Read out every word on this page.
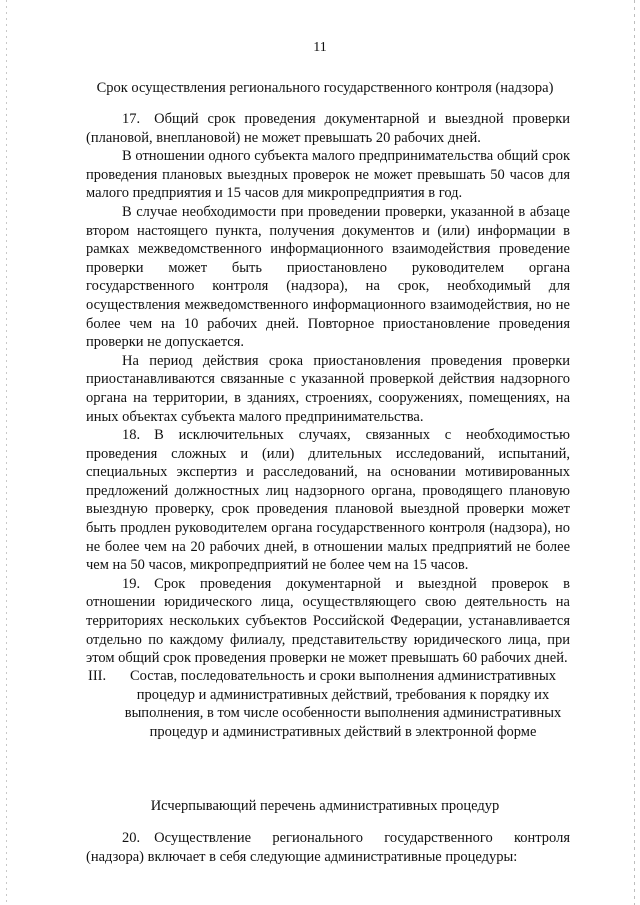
11
Срок осуществления регионального государственного контроля (надзора)

17. Общий срок проведения документарной и выездной проверки (плановой, внеплановой) не может превышать 20 рабочих дней.

В отношении одного субъекта малого предпринимательства общий срок проведения плановых выездных проверок не может превышать 50 часов для малого предприятия и 15 часов для микропредприятия в год.

В случае необходимости при проведении проверки, указанной в абзаце втором настоящего пункта, получения документов и (или) информации в рамках межведомственного информационного взаимодействия проведение проверки может быть приостановлено руководителем органа государственного контроля (надзора), на срок, необходимый для осуществления межведомственного информационного взаимодействия, но не более чем на 10 рабочих дней. Повторное приостановление проведения проверки не допускается.

На период действия срока приостановления проведения проверки приостанавливаются связанные с указанной проверкой действия надзорного органа на территории, в зданиях, строениях, сооружениях, помещениях, на иных объектах субъекта малого предпринимательства.

18. В исключительных случаях, связанных с необходимостью проведения сложных и (или) длительных исследований, испытаний, специальных экспертиз и расследований, на основании мотивированных предложений должностных лиц надзорного органа, проводящего плановую выездную проверку, срок проведения плановой выездной проверки может быть продлен руководителем органа государственного контроля (надзора), но не более чем на 20 рабочих дней, в отношении малых предприятий не более чем на 50 часов, микропредприятий не более чем на 15 часов.

19. Срок проведения документарной и выездной проверок в отношении юридического лица, осуществляющего свою деятельность на территориях нескольких субъектов Российской Федерации, устанавливается отдельно по каждому филиалу, представительству юридического лица, при этом общий срок проведения проверки не может превышать 60 рабочих дней.

III.	Состав, последовательность и сроки выполнения административных процедур и административных действий, требования к порядку их выполнения, в том числе особенности выполнения административных процедур и административных действий в электронной форме
Исчерпывающий перечень административных процедур

20. Осуществление регионального государственного контроля (надзора) включает в себя следующие административные процедуры:
